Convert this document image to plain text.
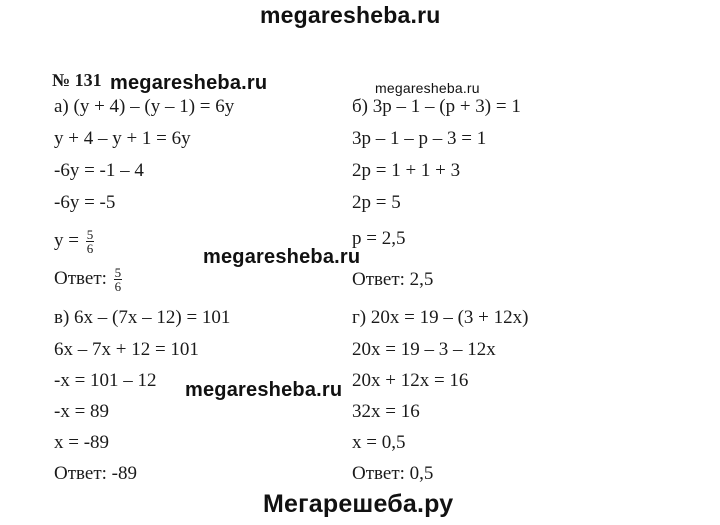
megaresheba.ru
megaresheba.ru	megaresheba.ru
megaresheba.ru
megaresheba.ru
Мегарешеба.ру
№ 131
а) (у + 4) – (у – 1) = 6у
у + 4 – у + 1 = 6у
-6у = -1 – 4
-6у = -5
$у = \frac{5}{6}$
Ответ: $\frac{5}{6}$
в) 6х – (7х – 12) = 101
6х – 7х + 12 = 101
-х = 101 – 12
-х = 89
х = -89
Ответ: -89
б) 3р – 1 – (р + 3) = 1
3р – 1 – р – 3 = 1
2р = 1 + 1 + 3
2р = 5
р = 2,5
Ответ: 2,5
г) 20х = 19 – (3 + 12х)
20х = 19 – 3 – 12х
20х + 12х = 16
32х = 16
х = 0,5
Ответ: 0,5
